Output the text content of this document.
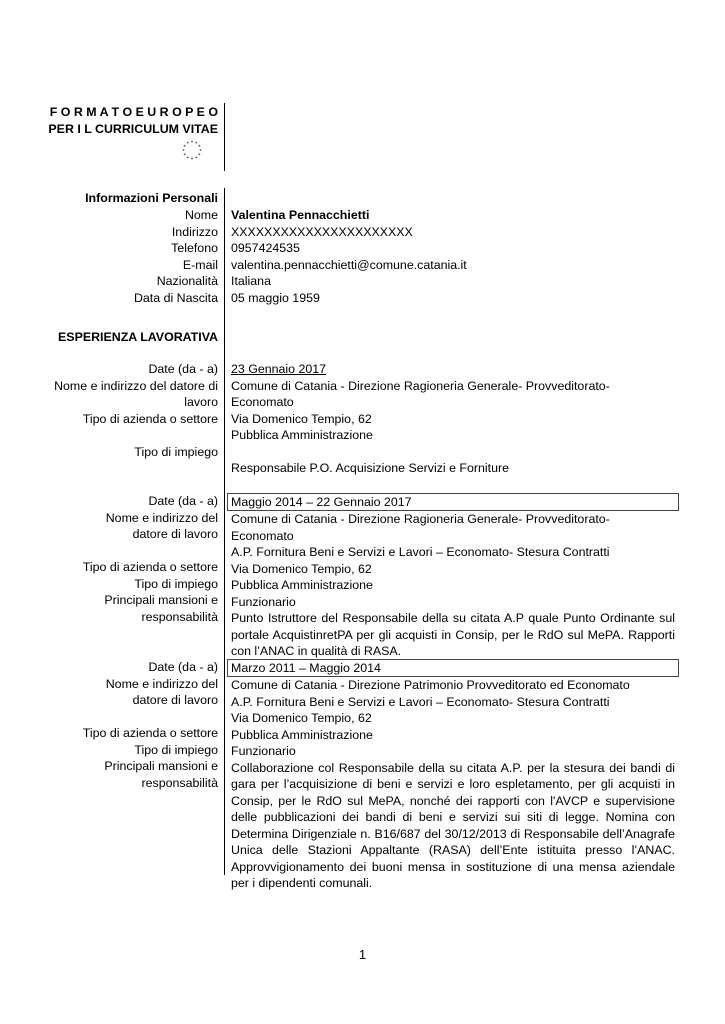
F O R M A T O E U R O P E O
PER I L CURRICULUM VITAE
Informazioni Personali
Nome
Indirizzo
Telefono
E-mail
Nazionalità
Data di Nascita
Valentina Pennacchietti
XXXXXXXXXXXXXXXXXXXXXX
0957424535
valentina.pennacchietti@comune.catania.it
Italiana
05 maggio 1959
ESPERIENZA LAVORATIVA
Date (da - a)
Nome e indirizzo del datore di
lavoro
Tipo di azienda o settore
Tipo di impiego
23 Gennaio 2017
Comune di Catania - Direzione Ragioneria Generale- Provveditorato- Economato
Via Domenico Tempio, 62
Pubblica Amministrazione
Responsabile P.O. Acquisizione Servizi e Forniture
Date (da - a)
Nome e indirizzo del
datore di lavoro
Tipo di azienda o settore
Tipo di impiego
Principali mansioni e
responsabilità
Maggio 2014 – 22 Gennaio 2017
Comune di Catania - Direzione Ragioneria Generale- Provveditorato- Economato
A.P. Fornitura Beni e Servizi e Lavori – Economato- Stesura Contratti
Via Domenico Tempio, 62
Pubblica Amministrazione
Funzionario
Punto Istruttore del Responsabile della su citata A.P quale Punto Ordinante sul portale AcquistinretPA per gli acquisti in Consip, per le RdO sul MePA. Rapporti con l’ANAC in qualità di RASA.
Date (da - a)
Nome e indirizzo del
datore di lavoro
Tipo di azienda o settore
Tipo di impiego
Principali mansioni e
responsabilità
Marzo 2011 – Maggio 2014
Comune di Catania - Direzione Patrimonio Provveditorato ed Economato
A.P. Fornitura Beni e Servizi e Lavori – Economato- Stesura Contratti
Via Domenico Tempio, 62
Pubblica Amministrazione
Funzionario
Collaborazione col Responsabile della su citata A.P. per la stesura dei bandi di gara per l’acquisizione di beni e servizi e loro espletamento, per gli acquisti in Consip, per le RdO sul MePA, nonché dei rapporti con l'AVCP e supervisione delle pubblicazioni dei bandi di beni e servizi sui siti di legge. Nomina con Determina Dirigenziale n. B16/687 del 30/12/2013 di Responsabile dell’Anagrafe Unica delle Stazioni Appaltante (RASA) dell’Ente istituita presso l’ANAC. Approvvigionamento dei buoni mensa in sostituzione di una mensa aziendale per i dipendenti comunali.
1
